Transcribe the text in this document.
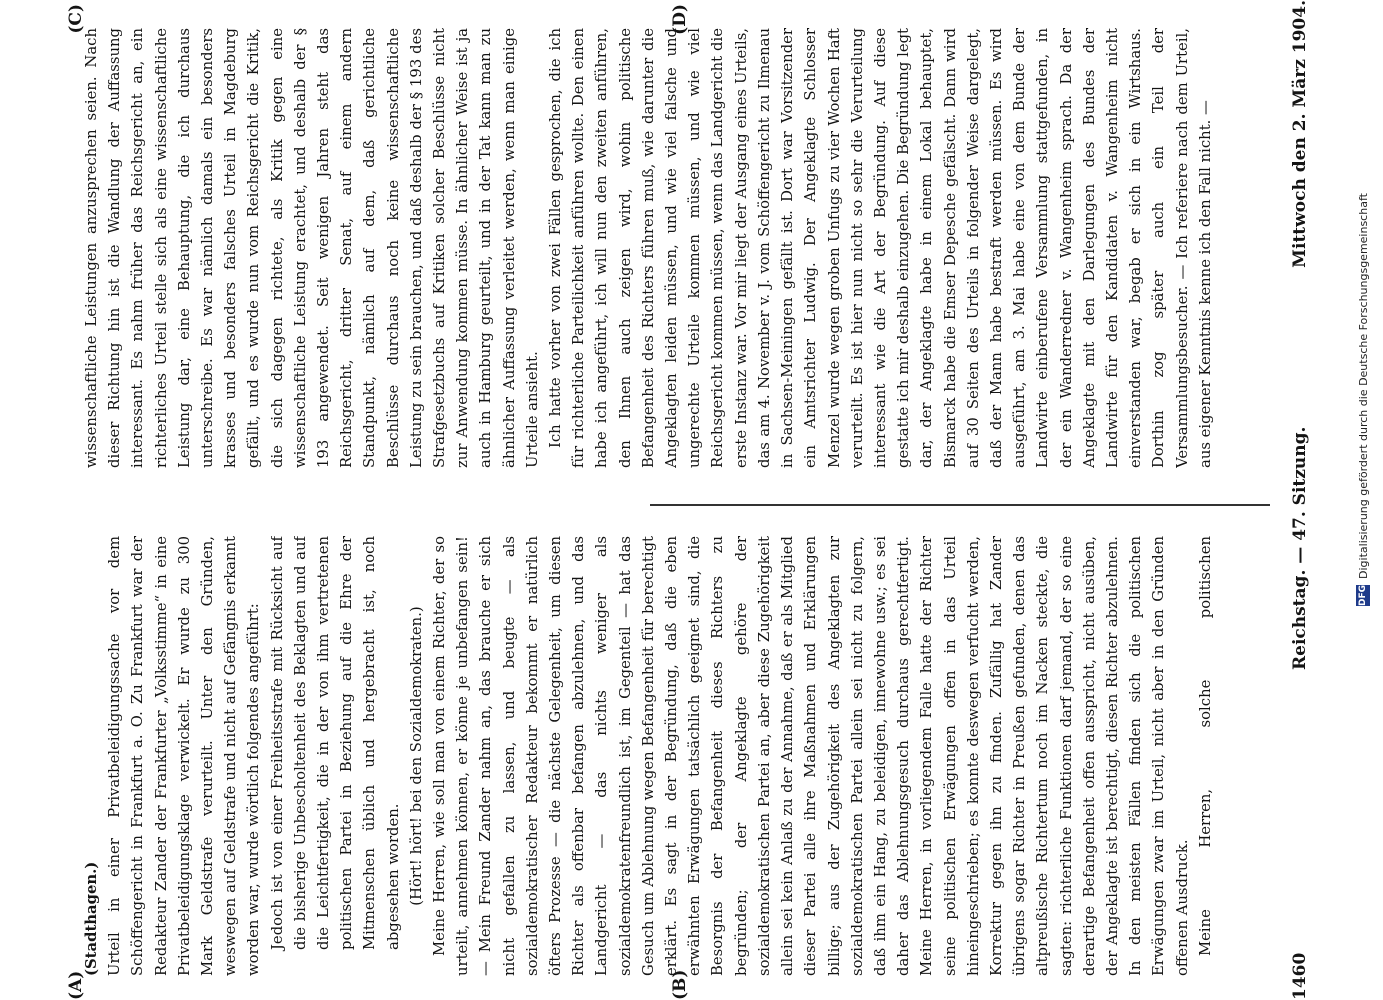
1460
Reichstag. — 47. Sitzung.
Mittwoch den 2. März 1904.

(Stadthagen.) Urteil in einer Privatbeleidigungssache vor dem Schöffengericht in Frankfurt a. O. Zu Frankfurt war der Redakteur Zander der Frankfurter „Volksstimme“ in eine Privatbeleidigungsklage verwickelt. Er wurde zu 300 Mark Geldstrafe verurteilt. Unter den Gründen, weswegen auf Geldstrafe und nicht auf Gefängnis erkannt worden war, wurde wörtlich folgendes angeführt: Jedoch ist von einer Freiheitsstrafe mit Rücksicht auf die bisherige Unbescholtenheit des Beklagten und auf die Leichtfertigkeit, die in der von ihm vertretenen politischen Partei in Beziehung auf die Ehre der Mitmenschen üblich und hergebracht ist, noch abgesehen worden. (Hört! hört! bei den Sozialdemokraten.) Meine Herren, wie soll man von einem Richter, der so urteilt, annehmen können, er könne je unbefangen sein! — Mein Freund Zander nahm an, das brauche er sich nicht gefallen zu lassen, und beugte — als sozialdemokratischer Redakteur bekommt er natürlich öfters Prozesse — die nächste Gelegenheit, um diesen Richter als offenbar befangen abzulehnen, und das Landgericht — das nichts weniger als sozialdemokratenfreundlich ist, im Gegenteil — hat das Gesuch um Ablehnung wegen Befangenheit für berechtigt erklärt. Es sagt in der Begründung, daß die eben erwähnten Erwägungen tatsächlich geeignet sind, die Besorgnis der Befangenheit dieses Richters zu begründen; der Angeklagte gehöre der sozialdemokratischen Partei an, aber diese Zugehörigkeit allein sei kein Anlaß zu der Annahme, daß er als Mitglied dieser Partei alle ihre Maßnahmen und Erklärungen billige; aus der Zugehörigkeit des Angeklagten zur sozialdemokratischen Partei allein sei nicht zu folgern, daß ihm ein Hang, zu beleidigen, innewohne usw.; es sei daher das Ablehnungsgesuch durchaus gerechtfertigt. Meine Herren, in vorliegendem Falle hatte der Richter seine politischen Erwägungen offen in das Urteil hineingeschrieben; es konnte deswegen verfucht werden, Korrektur gegen ihn zu finden. Zufällig hat Zander übrigens sogar Richter in Preußen gefunden, denen das altpreußische Richtertum noch im Nacken steckte, die sagten: richterliche Funktionen darf jemand, der so eine derartige Befangenheit offen ausspricht, nicht ausüben, der Angeklagte ist berechtigt, diesen Richter abzulehnen. In den meisten Fällen finden sich die politischen Erwägungen zwar im Urteil, nicht aber in den Gründen offenen Ausdruck. Meine Herren, solche politischen

wissenschaftliche Leistungen anzusprechen seien. Nach dieser Richtung hin ist die Wandlung der Auffassung interessant. Es nahm früher das Reichsgericht an, ein richterliches Urteil stelle sich als eine wissenschaftliche Leistung dar, eine Behauptung, die ich durchaus unterschreibe. Es war nämlich damals ein besonders krasses und besonders falsches Urteil in Magdeburg gefällt, und es wurde nun vom Reichsgericht die Kritik, die sich dagegen richtete, als Kritik gegen eine wissenschaftliche Leistung erachtet, und deshalb der § 193 angewendet. Seit wenigen Jahren steht das Reichsgericht, dritter Senat, auf einem andern Standpunkt, nämlich auf dem, daß gerichtliche Beschlüsse durchaus noch keine wissenschaftliche Leistung zu sein brauchen, und daß deshalb der § 193 des Strafgesetzbuchs auf Kritiken solcher Beschlüsse nicht zur Anwendung kommen müsse. In ähnlicher Weise ist ja auch in Hamburg geurteilt, und in der Tat kann man zu ähnlicher Auffassung verleitet werden, wenn man einige Urteile ansieht. Ich hatte vorher von zwei Fällen gesprochen, die ich für richterliche Parteilichkeit anführen wollte. Den einen habe ich angeführt, ich will nun den zweiten anführen, den Ihnen auch zeigen wird, wohin politische Befangenheit des Richters führen muß, wie darunter die Angeklagten leiden müssen, und wie viel falsche und ungerechte Urteile kommen müssen, und wie viel Reichsgericht kommen müssen, wenn das Landgericht die erste Instanz war. Vor mir liegt der Ausgang eines Urteils, das am 4. November v. J. vom Schöffengericht zu Ilmenau in Sachsen-Meiningen gefällt ist. Dort war Vorsitzender ein Amtsrichter Ludwig. Der Angeklagte Schlosser Menzel wurde wegen groben Unfugs zu vier Wochen Haft verurteilt. Es ist hier nun nicht so sehr die Verurteilung interessant wie die Art der Begründung. Auf diese gestatte ich mir deshalb einzugehen. Die Begründung legt dar, der Angeklagte habe in einem Lokal behauptet, Bismarck habe die Emser Depesche gefälscht. Dann wird auf 30 Seiten des Urteils in folgender Weise dargelegt, daß der Mann habe bestraft werden müssen. Es wird ausgeführt, am 3. Mai habe eine von dem Bunde der Landwirte einberufene Versammlung stattgefunden, in der ein Wanderredner v. Wangenheim sprach. Da der Angeklagte mit den Darlegungen des Bundes der Landwirte für den Kandidaten v. Wangenheim nicht einverstanden war, begab er sich in ein Wirtshaus. Dorthin zog später auch ein Teil der Versammlungsbesucher. — Ich referiere nach dem Urteil, aus eigener Kenntnis kenne ich den Fall nicht. —

(A)	(B)
(C)	(D)
DFG
Digitalisierung gefördert durch die Deutsche Forschungsgemeinschaft
